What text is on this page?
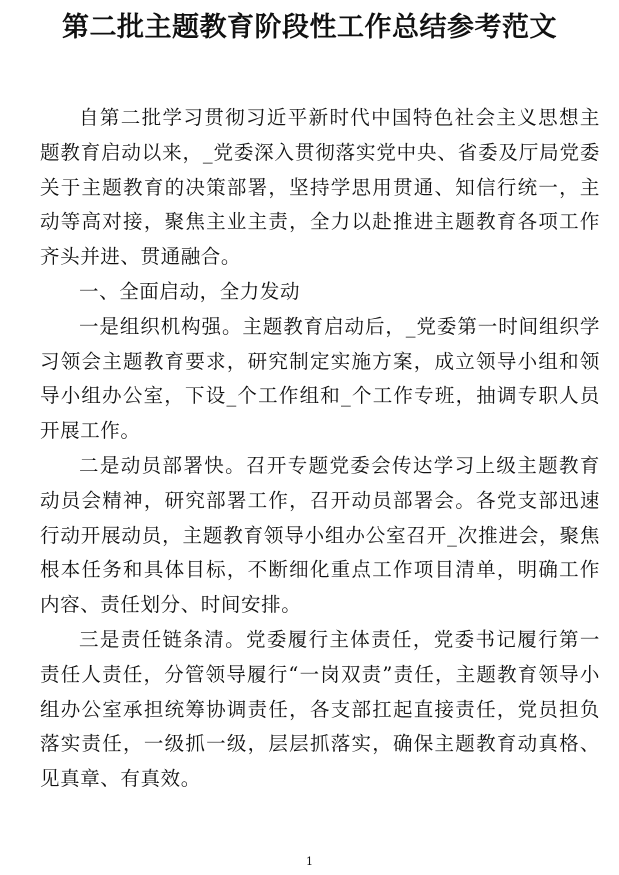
第二批主题教育阶段性工作总结参考范文

自第二批学习贯彻习近平新时代中国特色社会主义思想主题教育启动以来，_党委深入贯彻落实党中央、省委及厅局党委关于主题教育的决策部署，坚持学思用贯通、知信行统一，主动等高对接，聚焦主业主责，全力以赴推进主题教育各项工作齐头并进、贯通融合。

一、全面启动，全力发动

一是组织机构强。主题教育启动后，_党委第一时间组织学习领会主题教育要求，研究制定实施方案，成立领导小组和领导小组办公室，下设_个工作组和_个工作专班，抽调专职人员开展工作。

二是动员部署快。召开专题党委会传达学习上级主题教育动员会精神，研究部署工作，召开动员部署会。各党支部迅速行动开展动员，主题教育领导小组办公室召开_次推进会，聚焦根本任务和具体目标，不断细化重点工作项目清单，明确工作内容、责任划分、时间安排。

三是责任链条清。党委履行主体责任，党委书记履行第一责任人责任，分管领导履行“一岗双责”责任，主题教育领导小组办公室承担统筹协调责任，各支部扛起直接责任，党员担负落实责任，一级抓一级，层层抓落实，确保主题教育动真格、见真章、有真效。

1
